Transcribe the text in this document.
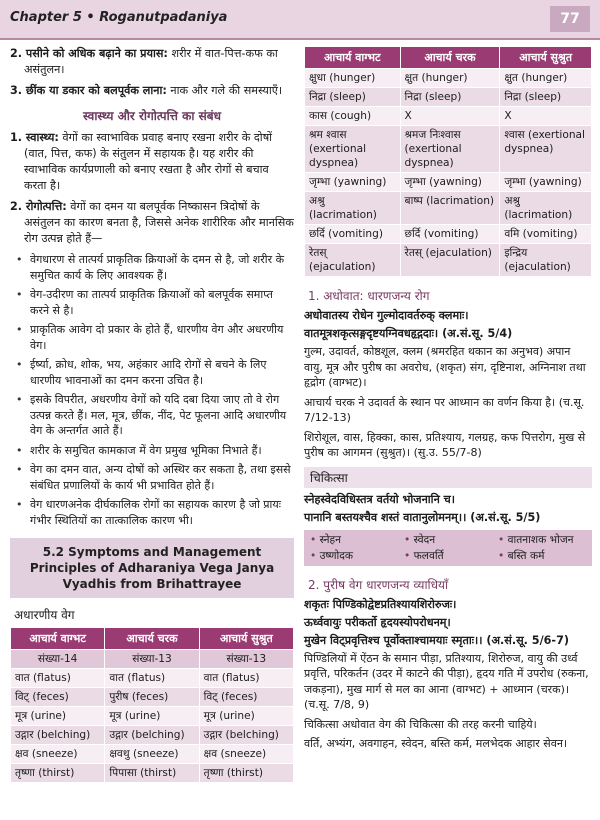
Chapter 5 • Roganutpadaniya	77

2. पसीने को अधिक बढ़ाने का प्रयास: शरीर में वात-पित्त-कफ का असंतुलन।

3. छींक या डकार को बलपूर्वक लाना: नाक और गले की समस्याएँ।

स्वास्थ्य और रोगोत्पत्ति का संबंध

1. स्वास्थ्य: वेगों का स्वाभाविक प्रवाह बनाए रखना शरीर के दोषों (वात, पित्त, कफ) के संतुलन में सहायक है। यह शरीर की स्वाभाविक कार्यप्रणाली को बनाए रखता है और रोगों से बचाव करता है।

2. रोगोत्पत्ति: वेगों का दमन या बलपूर्वक निष्कासन त्रिदोषों के असंतुलन का कारण बनता है, जिससे अनेक शारीरिक और मानसिक रोग उत्पन्न होते हैं—

• वेगधारण से तात्पर्य प्राकृतिक क्रियाओं के दमन से है, जो शरीर के समुचित कार्य के लिए आवश्यक हैं।

• वेग-उदीरण का तात्पर्य प्राकृतिक क्रियाओं को बलपूर्वक समाप्त करने से है।

• प्राकृतिक आवेग दो प्रकार के होते हैं, धारणीय वेग और अधरणीय वेग।

• ईर्ष्या, क्रोध, शोक, भय, अहंकार आदि रोगों से बचने के लिए धारणीय भावनाओं का दमन करना उचित है।

• इसके विपरीत, अधरणीय वेगों को यदि दबा दिया जाए तो वे रोग उत्पन्न करते हैं। मल, मूत्र, छींक, नींद, पेट फूलना आदि अधारणीय वेग के अन्तर्गत आते हैं।

• शरीर के समुचित कामकाज में वेग प्रमुख भूमिका निभाते हैं।

• वेग का दमन वात, अन्य दोषों को अस्थिर कर सकता है, तथा इससे संबंधित प्रणालियों के कार्य भी प्रभावित होते हैं।

• वेग धारणअनेक दीर्घकालिक रोगों का सहायक कारण है जो प्रायः गंभीर स्थितियों का तात्कालिक कारण भी।

5.2 Symptoms and Management Principles of Adharaniya Vega Janya Vyadhis from Brihattrayee
अधारणीय वेग
आचार्य वाग्भट	आचार्य चरक	आचार्य सुश्रुत
संख्या-14	संख्या-13	संख्या-13
वात (flatus)	वात (flatus)	वात (flatus)
विट् (feces)	पुरीष (feces)	विट् (feces)
मूत्र (urine)	मूत्र (urine)	मूत्र (urine)
उद्गार (belching)	उद्गार (belching)	उद्गार (belching)
क्षव (sneeze)	क्षवथु (sneeze)	क्षव (sneeze)
तृष्णा (thirst)	पिपासा (thirst)	तृष्णा (thirst)
आचार्य वाग्भट	आचार्य चरक	आचार्य सुश्रुत
क्षुधा (hunger)	क्षुत (hunger)	क्षुत (hunger)
निद्रा (sleep)	निद्रा (sleep)	निद्रा (sleep)
कास (cough)	X	X
श्रम श्वास (exertional dyspnea)	श्रमज निःश्वास (exertional dyspnea)	श्वास (exertional dyspnea)
जृम्भा (yawning)	जृम्भा (yawning)	जृम्भा (yawning)
अश्रु (lacrimation)	बाष्प (lacrimation)	अश्रु (lacrimation)
छर्दि (vomiting)	छर्दि (vomiting)	वमि (vomiting)
रेतस् (ejaculation)	रेतस् (ejaculation)	इन्द्रिय (ejaculation)
1. अधोवात: धारणजन्य रोग

अधोवातस्य रोधेन गुल्मोदावर्तरुक् क्लमाः।

वातमूत्रशकृत्सङ्गदृष्टयग्निवधहृद्गदाः। (अ.सं.सू. 5/4)

गुल्म, उदावर्त, कोष्ठशूल, क्लम (श्रमरहित थकान का अनुभव) अपान वायु, मूत्र और पुरीष का अवरोध, (शकृत) संग, दृष्टिनाश, अग्निनाश तथा हृद्रोग (वाग्भट)।

आचार्य चरक ने उदावर्त के स्थान पर आध्मान का वर्णन किया है। (च.सू. 7/12-13)

शिरोशूल, वास, हिक्का, कास, प्रतिश्याय, गलग्रह, कफ पित्तरोग, मुख से पुरीष का आगमन (सुश्रुत)। (सु.उ. 55/7-8)

चिकित्सा

स्नेहस्वेदविधिस्तत्र वर्तयो भोजनानि च।

पानानि बस्तयश्चैव शस्तं वातानुलोमनम्।। (अ.सं.सू. 5/5)

• स्नेहन	• स्वेदन	• वातनाशक भोजन
• उष्णोदक	• फलवर्ति	• बस्ति कर्म
2. पुरीष वेग धारणजन्य व्याधियाँ

शकृतः पिण्डिकोद्वेष्टप्रतिश्यायशिरोरुजः।

ऊर्ध्ववायुः परीकर्तो हृदयस्योपरोधनम्।

मुखेन विट्प्रवृत्तिश्च पूर्वोक्ताश्चामयाः स्मृताः।। (अ.सं.सू. 5/6-7)

पिण्डिलियों में ऐंठन के समान पीड़ा, प्रतिश्याय, शिरोरुज, वायु की उर्ध्व प्रवृत्ति, परिकर्तन (उदर में काटने की पीड़ा), हृदय गति में उपरोध (रुकना, जकड़ना), मुख मार्ग से मल का आना (वाग्भट) + आध्मान (चरक)। (च.सू. 7/8, 9)

चिकित्सा अधोवात वेग की चिकित्सा की तरह करनी चाहिये।

वर्ति, अभ्यंग, अवगाहन, स्वेदन, बस्ति कर्म, मलभेदक आहार सेवन।
